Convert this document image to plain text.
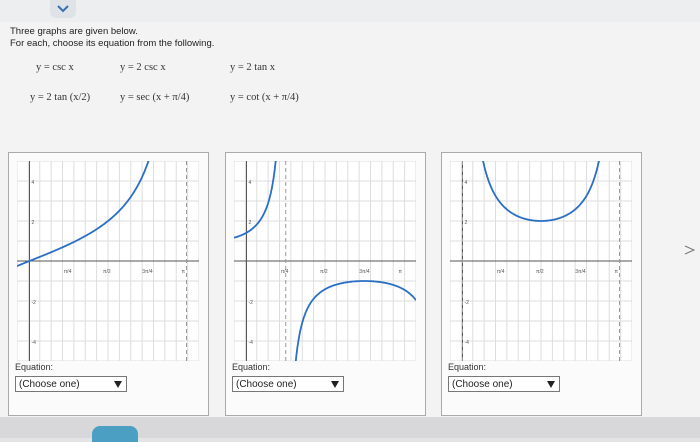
Three graphs are given below.
For each, choose its equation from the following.
y = csc x	y = 2 csc x	y = 2 tan x
y = 2 tan (x/2)	y = sec (x + π/4)	y = cot (x + π/4)
4
2
-2
-4
π/4	π/2	3π/4	π
Equation:
(Choose one)
4
2
-2
-4
π/4	π/2	3π/4	π
Equation:
(Choose one)
4
2
-2
-4
π/4	π/2	3π/4	π
Equation:
(Choose one)
